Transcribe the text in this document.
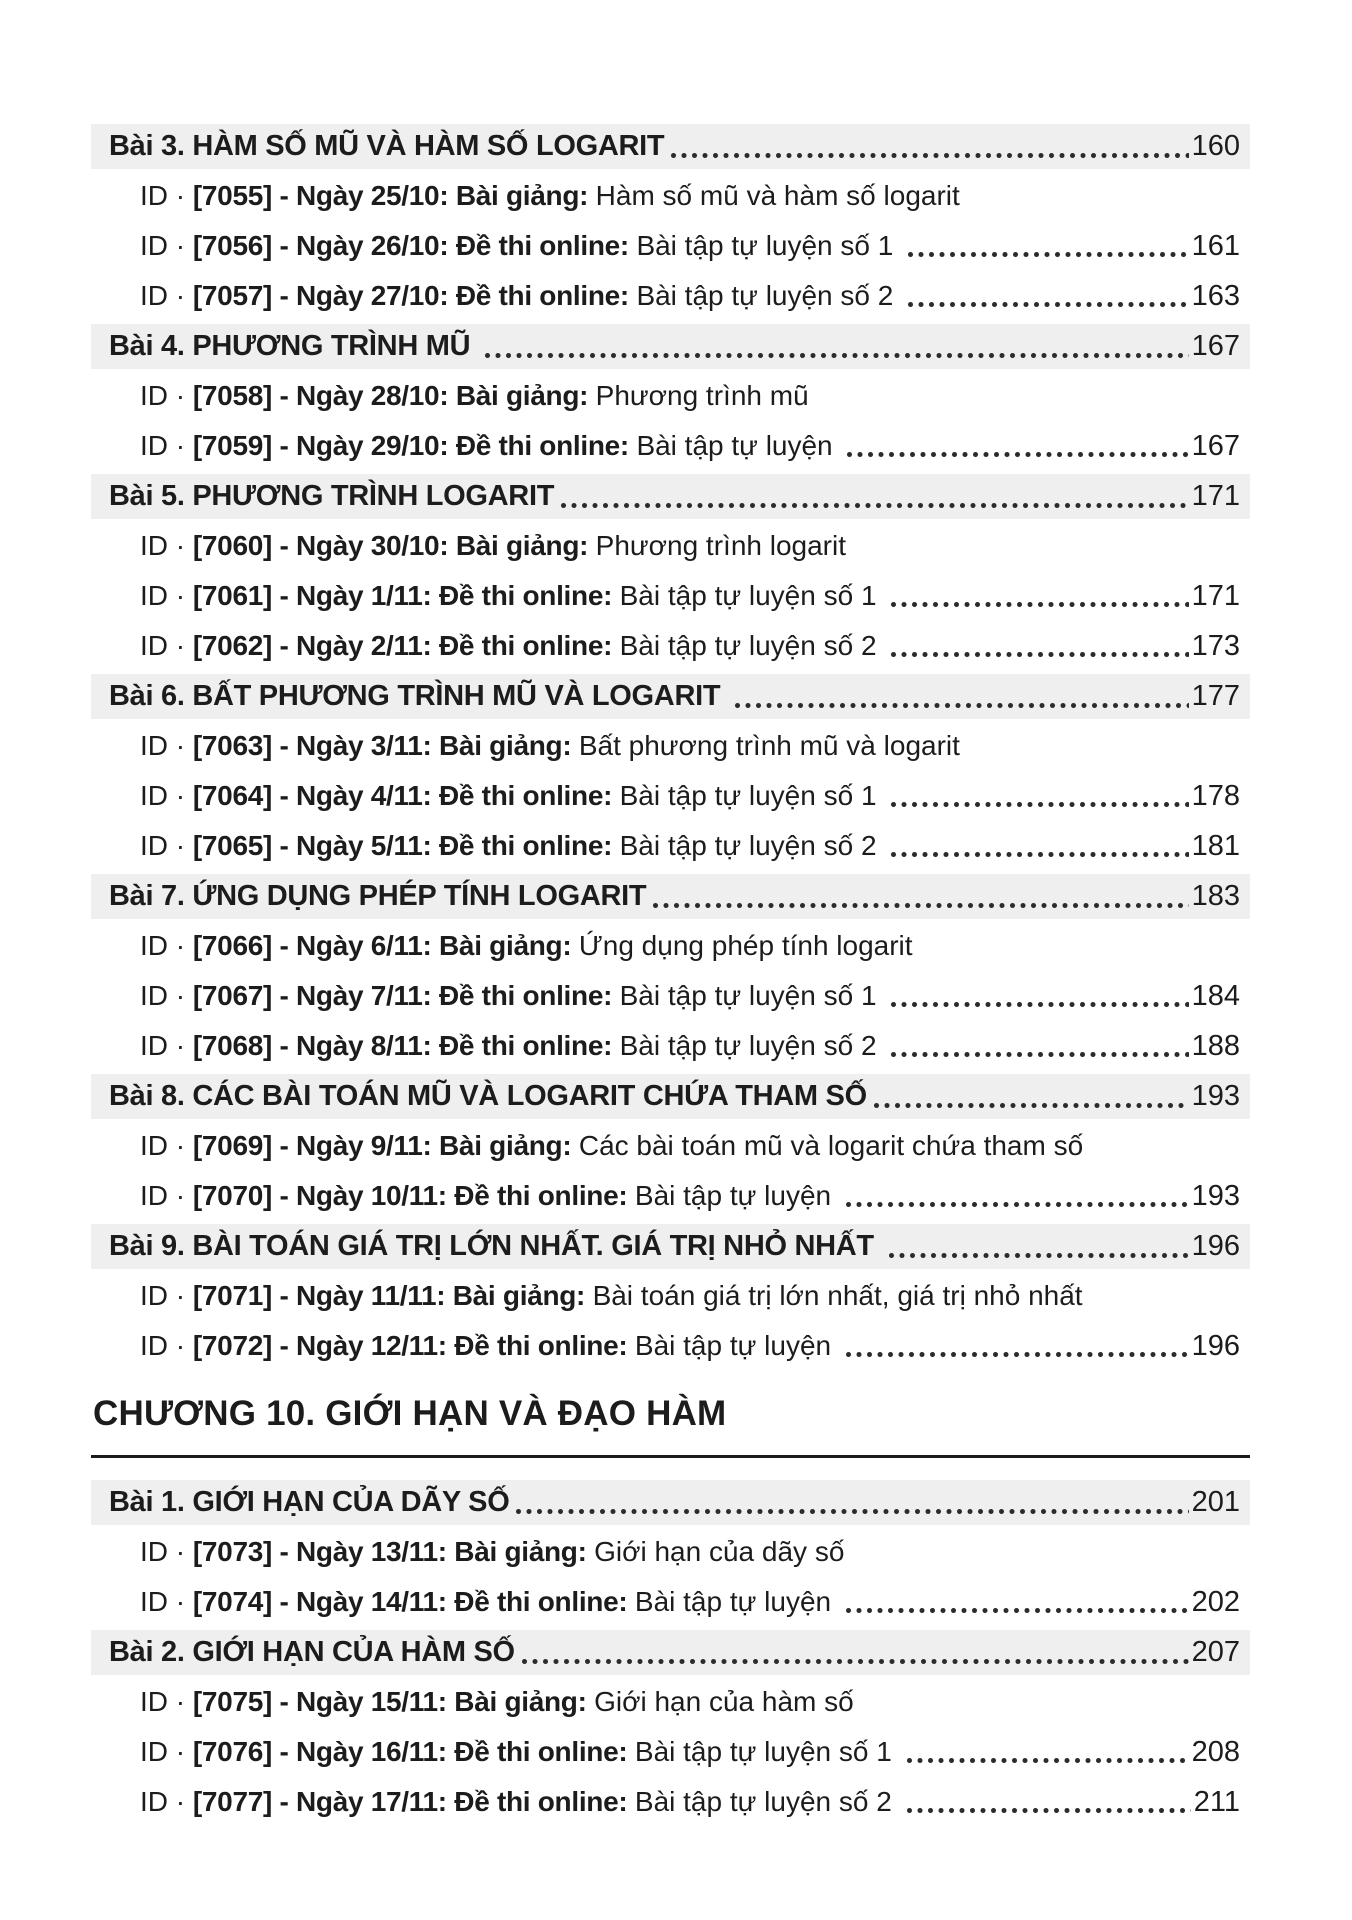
Bài 3. HÀM SỐ MŨ VÀ HÀM SỐ LOGARIT	160
ID · [7055] - Ngày 25/10: Bài giảng: Hàm số mũ và hàm số logarit
ID · [7056] - Ngày 26/10: Đề thi online: Bài tập tự luyện số 1	161
ID · [7057] - Ngày 27/10: Đề thi online: Bài tập tự luyện số 2	163
Bài 4. PHƯƠNG TRÌNH MŨ	167
ID · [7058] - Ngày 28/10: Bài giảng: Phương trình mũ
ID · [7059] - Ngày 29/10: Đề thi online: Bài tập tự luyện	167
Bài 5. PHƯƠNG TRÌNH LOGARIT	171
ID · [7060] - Ngày 30/10: Bài giảng: Phương trình logarit
ID · [7061] - Ngày 1/11: Đề thi online: Bài tập tự luyện số 1	171
ID · [7062] - Ngày 2/11: Đề thi online: Bài tập tự luyện số 2	173
Bài 6. BẤT PHƯƠNG TRÌNH MŨ VÀ LOGARIT	177
ID · [7063] - Ngày 3/11: Bài giảng: Bất phương trình mũ và logarit
ID · [7064] - Ngày 4/11: Đề thi online: Bài tập tự luyện số 1	178
ID · [7065] - Ngày 5/11: Đề thi online: Bài tập tự luyện số 2	181
Bài 7. ỨNG DỤNG PHÉP TÍNH LOGARIT	183
ID · [7066] - Ngày 6/11: Bài giảng: Ứng dụng phép tính logarit
ID · [7067] - Ngày 7/11: Đề thi online: Bài tập tự luyện số 1	184
ID · [7068] - Ngày 8/11: Đề thi online: Bài tập tự luyện số 2	188
Bài 8. CÁC BÀI TOÁN MŨ VÀ LOGARIT CHỨA THAM SỐ	193
ID · [7069] - Ngày 9/11: Bài giảng: Các bài toán mũ và logarit chứa tham số
ID · [7070] - Ngày 10/11: Đề thi online: Bài tập tự luyện	193
Bài 9. BÀI TOÁN GIÁ TRỊ LỚN NHẤT. GIÁ TRỊ NHỎ NHẤT	196
ID · [7071] - Ngày 11/11: Bài giảng: Bài toán giá trị lớn nhất, giá trị nhỏ nhất
ID · [7072] - Ngày 12/11: Đề thi online: Bài tập tự luyện	196
CHƯƠNG 10. GIỚI HẠN VÀ ĐẠO HÀM
Bài 1. GIỚI HẠN CỦA DÃY SỐ	201
ID · [7073] - Ngày 13/11: Bài giảng: Giới hạn của dãy số
ID · [7074] - Ngày 14/11: Đề thi online: Bài tập tự luyện	202
Bài 2. GIỚI HẠN CỦA HÀM SỐ	207
ID · [7075] - Ngày 15/11: Bài giảng: Giới hạn của hàm số
ID · [7076] - Ngày 16/11: Đề thi online: Bài tập tự luyện số 1	208
ID · [7077] - Ngày 17/11: Đề thi online: Bài tập tự luyện số 2	211
